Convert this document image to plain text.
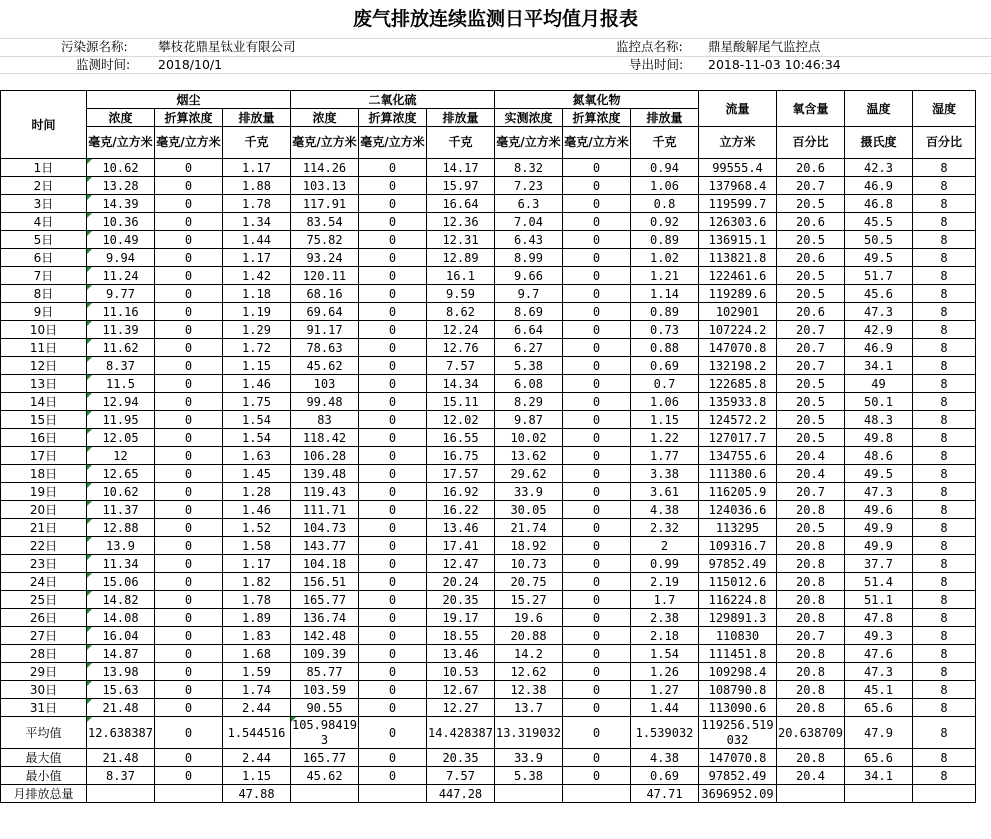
废气排放连续监测日平均值月报表
污染源名称: 攀枝花鼎星钛业有限公司
监测时间: 2018/10/1
监控点名称: 鼎星酸解尾气监控点
导出时间: 2018-11-03 10:46:34
时间	烟尘			二氧化硫			氮氧化物			流量	氧含量	温度	湿度
	浓度	折算浓度	排放量	浓度	折算浓度	排放量	实测浓度	折算浓度	排放量				
	毫克/立方米	毫克/立方米	千克	毫克/立方米	毫克/立方米	千克	毫克/立方米	毫克/立方米	千克	立方米	百分比	摄氏度	百分比
1日	10.62	0	1.17	114.26	0	14.17	8.32	0	0.94	99555.4	20.6	42.3	8
2日	13.28	0	1.88	103.13	0	15.97	7.23	0	1.06	137968.4	20.7	46.9	8
3日	14.39	0	1.78	117.91	0	16.64	6.3	0	0.8	119599.7	20.5	46.8	8
4日	10.36	0	1.34	83.54	0	12.36	7.04	0	0.92	126303.6	20.6	45.5	8
5日	10.49	0	1.44	75.82	0	12.31	6.43	0	0.89	136915.1	20.5	50.5	8
6日	9.94	0	1.17	93.24	0	12.89	8.99	0	1.02	113821.8	20.6	49.5	8
7日	11.24	0	1.42	120.11	0	16.1	9.66	0	1.21	122461.6	20.5	51.7	8
8日	9.77	0	1.18	68.16	0	9.59	9.7	0	1.14	119289.6	20.5	45.6	8
9日	11.16	0	1.19	69.64	0	8.62	8.69	0	0.89	102901	20.6	47.3	8
10日	11.39	0	1.29	91.17	0	12.24	6.64	0	0.73	107224.2	20.7	42.9	8
11日	11.62	0	1.72	78.63	0	12.76	6.27	0	0.88	147070.8	20.7	46.9	8
12日	8.37	0	1.15	45.62	0	7.57	5.38	0	0.69	132198.2	20.7	34.1	8
13日	11.5	0	1.46	103	0	14.34	6.08	0	0.7	122685.8	20.5	49	8
14日	12.94	0	1.75	99.48	0	15.11	8.29	0	1.06	135933.8	20.5	50.1	8
15日	11.95	0	1.54	83	0	12.02	9.87	0	1.15	124572.2	20.5	48.3	8
16日	12.05	0	1.54	118.42	0	16.55	10.02	0	1.22	127017.7	20.5	49.8	8
17日	12	0	1.63	106.28	0	16.75	13.62	0	1.77	134755.6	20.4	48.6	8
18日	12.65	0	1.45	139.48	0	17.57	29.62	0	3.38	111380.6	20.4	49.5	8
19日	10.62	0	1.28	119.43	0	16.92	33.9	0	3.61	116205.9	20.7	47.3	8
20日	11.37	0	1.46	111.71	0	16.22	30.05	0	4.38	124036.6	20.8	49.6	8
21日	12.88	0	1.52	104.73	0	13.46	21.74	0	2.32	113295	20.5	49.9	8
22日	13.9	0	1.58	143.77	0	17.41	18.92	0	2	109316.7	20.8	49.9	8
23日	11.34	0	1.17	104.18	0	12.47	10.73	0	0.99	97852.49	20.8	37.7	8
24日	15.06	0	1.82	156.51	0	20.24	20.75	0	2.19	115012.6	20.8	51.4	8
25日	14.82	0	1.78	165.77	0	20.35	15.27	0	1.7	116224.8	20.8	51.1	8
26日	14.08	0	1.89	136.74	0	19.17	19.6	0	2.38	129891.3	20.8	47.8	8
27日	16.04	0	1.83	142.48	0	18.55	20.88	0	2.18	110830	20.7	49.3	8
28日	14.87	0	1.68	109.39	0	13.46	14.2	0	1.54	111451.8	20.8	47.6	8
29日	13.98	0	1.59	85.77	0	10.53	12.62	0	1.26	109298.4	20.8	47.3	8
30日	15.63	0	1.74	103.59	0	12.67	12.38	0	1.27	108790.8	20.8	45.1	8
31日	21.48	0	2.44	90.55	0	12.27	13.7	0	1.44	113090.6	20.8	65.6	8
平均值	12.638387	0	1.544516	105.984193	0	14.428387	13.319032	0	1.539032	119256.519032	20.638709	47.9	8
最大值	21.48	0	2.44	165.77	0	20.35	33.9	0	4.38	147070.8	20.8	65.6	8
最小值	8.37	0	1.15	45.62	0	7.57	5.38	0	0.69	97852.49	20.4	34.1	8
月排放总量			47.88			447.28			47.71	3696952.09			
